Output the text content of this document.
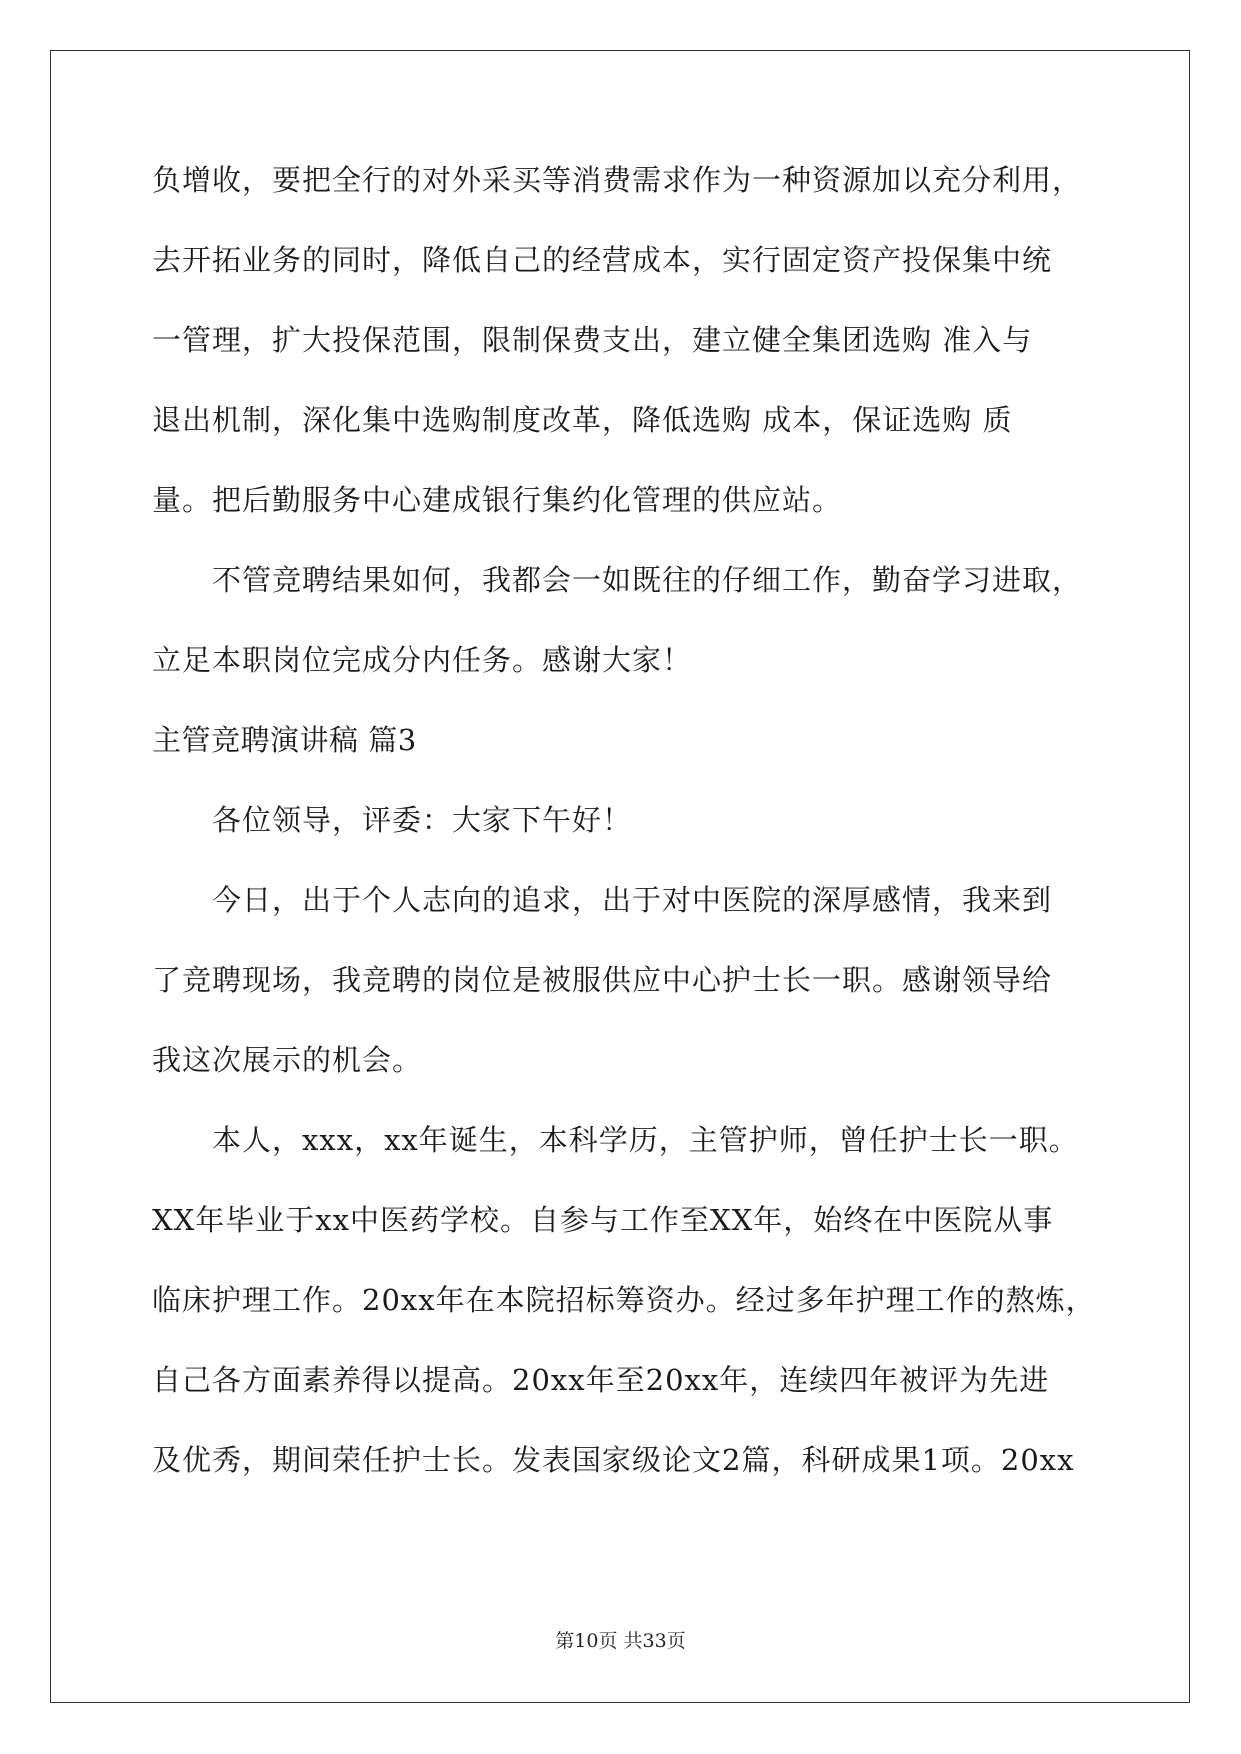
负增收，要把全行的对外采买等消费需求作为一种资源加以充分利用，
去开拓业务的同时，降低自己的经营成本，实行固定资产投保集中统
一管理，扩大投保范围，限制保费支出，建立健全集团选购 准入与
退出机制，深化集中选购制度改革，降低选购 成本，保证选购 质
量。把后勤服务中心建成银行集约化管理的供应站。
不管竞聘结果如何，我都会一如既往的仔细工作，勤奋学习进取，
立足本职岗位完成分内任务。感谢大家！
主管竞聘演讲稿 篇3
各位领导，评委：大家下午好！
今日，出于个人志向的追求，出于对中医院的深厚感情，我来到
了竞聘现场，我竞聘的岗位是被服供应中心护士长一职。感谢领导给
我这次展示的机会。
本人，xxx，xx年诞生，本科学历，主管护师，曾任护士长一职。
XX年毕业于xx中医药学校。自参与工作至XX年，始终在中医院从事
临床护理工作。20xx年在本院招标筹资办。经过多年护理工作的熬炼，
自己各方面素养得以提高。20xx年至20xx年，连续四年被评为先进
及优秀，期间荣任护士长。发表国家级论文2篇，科研成果1项。20xx
第10页 共33页
